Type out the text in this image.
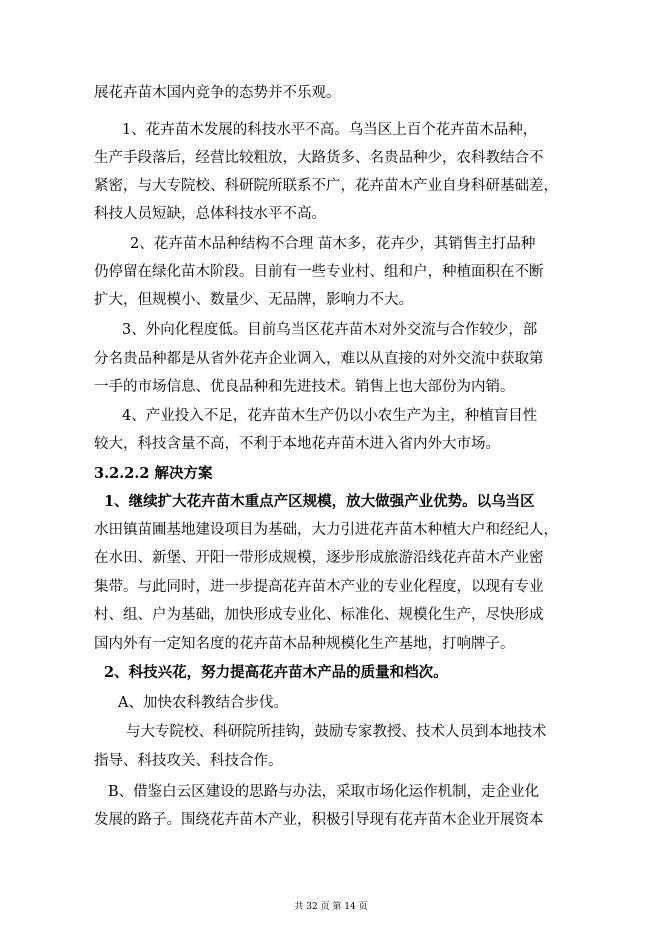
展花卉苗木国内竞争的态势并不乐观。
1、花卉苗木发展的科技水平不高。乌当区上百个花卉苗木品种，
生产手段落后，经营比较粗放，大路货多、名贵品种少，农科教结合不
紧密，与大专院校、科研院所联系不广，花卉苗木产业自身科研基础差，
科技人员短缺，总体科技水平不高。
2、花卉苗木品种结构不合理 苗木多，花卉少，其销售主打品种
仍停留在绿化苗木阶段。目前有一些专业村、组和户，种植面积在不断
扩大，但规模小、数量少、无品牌，影响力不大。
3、外向化程度低。目前乌当区花卉苗木对外交流与合作较少，部
分名贵品种都是从省外花卉企业调入，难以从直接的对外交流中获取第
一手的市场信息、优良品种和先进技术。销售上也大部份为内销。
4、产业投入不足，花卉苗木生产仍以小农生产为主，种植盲目性
较大，科技含量不高，不利于本地花卉苗木进入省内外大市场。
3.2.2.2 解决方案
1、继续扩大花卉苗木重点产区规模，放大做强产业优势。以乌当区
水田镇苗圃基地建设项目为基础，大力引进花卉苗木种植大户和经纪人，
在水田、新堡、开阳一带形成规模，逐步形成旅游沿线花卉苗木产业密
集带。与此同时，进一步提高花卉苗木产业的专业化程度，以现有专业
村、组、户为基础，加快形成专业化、标准化、规模化生产，尽快形成
国内外有一定知名度的花卉苗木品种规模化生产基地，打响牌子。
2、科技兴花，努力提高花卉苗木产品的质量和档次。
A、加快农科教结合步伐。
与大专院校、科研院所挂钩，鼓励专家教授、技术人员到本地技术
指导、科技攻关、科技合作。
B、借鉴白云区建设的思路与办法，采取市场化运作机制，走企业化
发展的路子。围绕花卉苗木产业，积极引导现有花卉苗木企业开展资本
共 32 页 第 14 页
